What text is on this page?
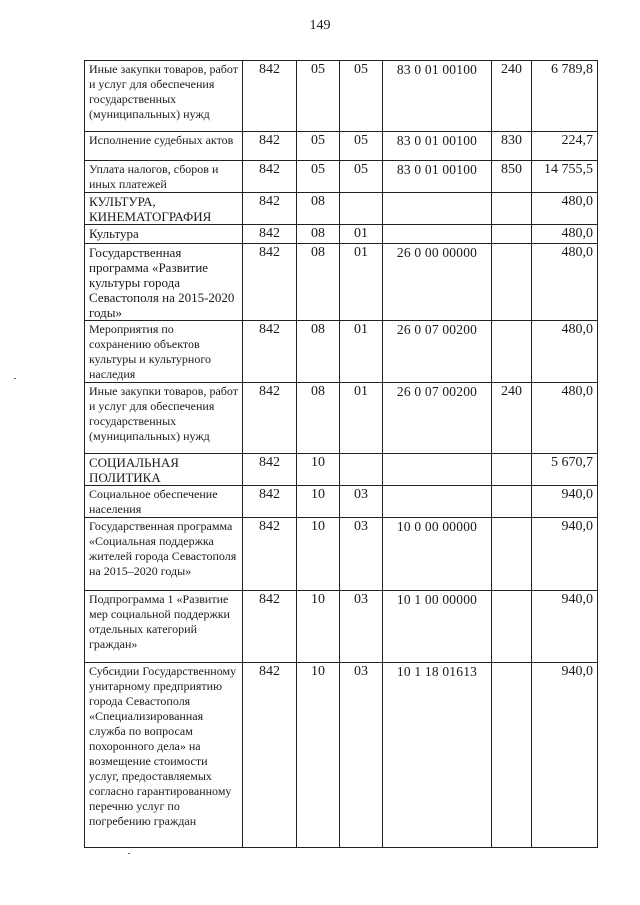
149
Иные закупки товаров, работ и услуг для обеспечения государственных (муниципальных) нужд	842	05	05	83 0 01 00100	240	6 789,8
Исполнение судебных актов	842	05	05	83 0 01 00100	830	224,7
Уплата налогов, сборов и иных платежей	842	05	05	83 0 01 00100	850	14 755,5
КУЛЬТУРА, КИНЕМАТОГРАФИЯ	842	08				480,0
Культура	842	08	01			480,0
Государственная программа «Развитие культуры города Севастополя на 2015-2020 годы»	842	08	01	26 0 00 00000		480,0
Мероприятия по сохранению объектов культуры и культурного наследия	842	08	01	26 0 07 00200		480,0
Иные закупки товаров, работ и услуг для обеспечения государственных (муниципальных) нужд	842	08	01	26 0 07 00200	240	480,0
СОЦИАЛЬНАЯ ПОЛИТИКА	842	10				5 670,7
Социальное обеспечение населения	842	10	03			940,0
Государственная программа «Социальная поддержка жителей города Севастополя на 2015–2020 годы»	842	10	03	10 0 00 00000		940,0
Подпрограмма 1 «Развитие мер социальной поддержки отдельных категорий граждан»	842	10	03	10 1 00 00000		940,0
Субсидии Государственному унитарному предприятию города Севастополя «Специализированная служба по вопросам похоронного дела» на возмещение стоимости услуг, предоставляемых согласно гарантированному перечню услуг по погребению граждан	842	10	03	10 1 18 01613		940,0
